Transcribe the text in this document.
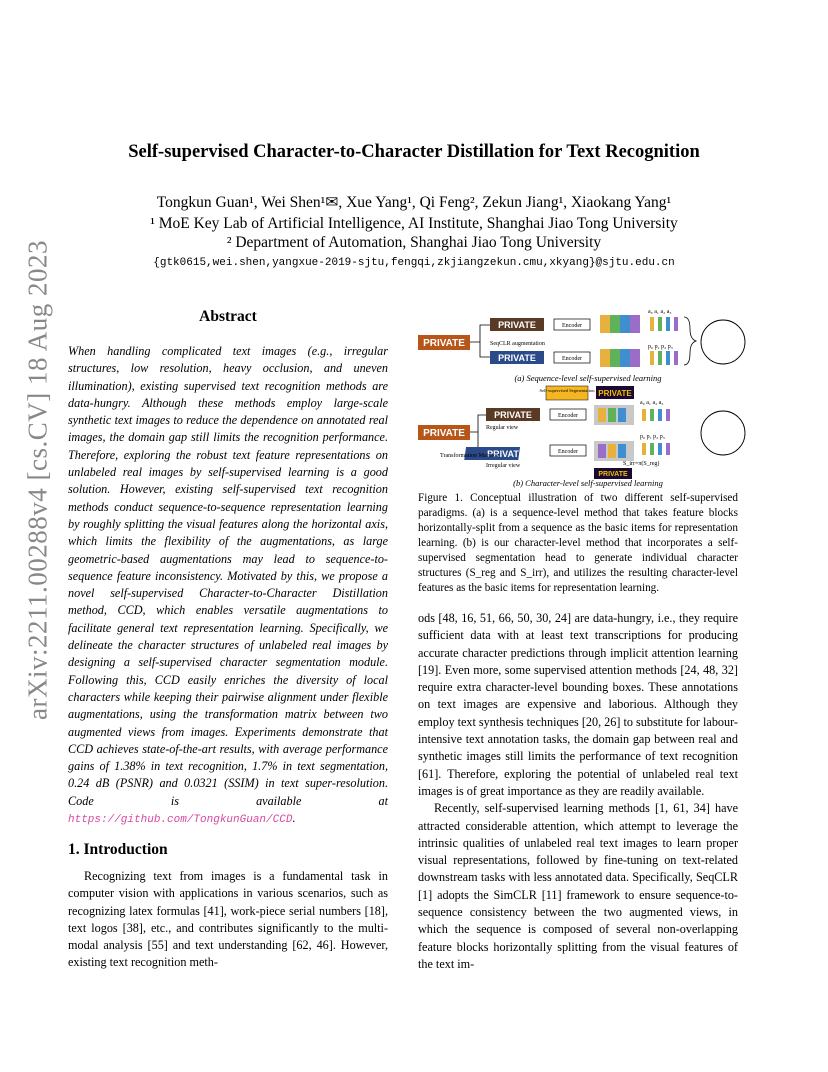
arXiv:2211.00288v4 [cs.CV] 18 Aug 2023
Self-supervised Character-to-Character Distillation for Text Recognition
Tongkun Guan¹, Wei Shen¹✉, Xue Yang¹, Qi Feng², Zekun Jiang¹, Xiaokang Yang¹
¹ MoE Key Lab of Artificial Intelligence, AI Institute, Shanghai Jiao Tong University
² Department of Automation, Shanghai Jiao Tong University
{gtk0615,wei.shen,yangxue-2019-sjtu,fengqi,zkjiangzekun.cmu,xkyang}@sjtu.edu.cn
Abstract
When handling complicated text images (e.g., irregular structures, low resolution, heavy occlusion, and uneven illumination), existing supervised text recognition methods are data-hungry. Although these methods employ large-scale synthetic text images to reduce the dependence on annotated real images, the domain gap still limits the recognition performance. Therefore, exploring the robust text feature representations on unlabeled real images by self-supervised learning is a good solution. However, existing self-supervised text recognition methods conduct sequence-to-sequence representation learning by roughly splitting the visual features along the horizontal axis, which limits the flexibility of the augmentations, as large geometric-based augmentations may lead to sequence-to-sequence feature inconsistency. Motivated by this, we propose a novel self-supervised Character-to-Character Distillation method, CCD, which enables versatile augmentations to facilitate general text representation learning. Specifically, we delineate the character structures of unlabeled real images by designing a self-supervised character segmentation module. Following this, CCD easily enriches the diversity of local characters while keeping their pairwise alignment under flexible augmentations, using the transformation matrix between two augmented views from images. Experiments demonstrate that CCD achieves state-of-the-art results, with average performance gains of 1.38% in text recognition, 1.7% in text segmentation, 0.24 dB (PSNR) and 0.0321 (SSIM) in text super-resolution. Code is available at https://github.com/TongkunGuan/CCD.
1. Introduction
Recognizing text from images is a fundamental task in computer vision with applications in various scenarios, such as recognizing latex formulas [41], work-piece serial numbers [18], text logos [38], etc., and contributes significantly to the multi-modal analysis [55] and text understanding [62, 46]. However, existing text recognition meth-
PRIVATE
PRIVATE
PRIVATE
SeqCLR augmentation
Encoder
Encoder
a₀ a₁ a₂ a₃
p₀ p₁ p₂ p₃
(a) Sequence-level self-supervised learning
PRIVATE
Self-supervised Segmentation PRIVATE
PRIVATE
Regular view
PRIVATE
Irregular view
Transformation Matrix π
Encoder
Encoder
a₀ a₁ a₂ a₃
p₀ p₁ p₂ p₃
S_irr=π(S_reg)
PRIVATE
(b) Character-level self-supervised learning
Figure 1. Conceptual illustration of two different self-supervised paradigms. (a) is a sequence-level method that takes feature blocks horizontally-split from a sequence as the basic items for representation learning. (b) is our character-level method that incorporates a self-supervised segmentation head to generate individual character structures (S_reg and S_irr), and utilizes the resulting character-level features as the basic items for representation learning.

ods [48, 16, 51, 66, 50, 30, 24] are data-hungry, i.e., they require sufficient data with at least text transcriptions for producing accurate character predictions through implicit attention learning [19]. Even more, some supervised attention methods [24, 48, 32] require extra character-level bounding boxes. These annotations on text images are expensive and laborious. Although they employ text synthesis techniques [20, 26] to substitute for labour-intensive text annotation tasks, the domain gap between real and synthetic images still limits the performance of text recognition [61]. Therefore, exploring the potential of unlabeled real text images is of great importance as they are readily available.

Recently, self-supervised learning methods [1, 61, 34] have attracted considerable attention, which attempt to leverage the intrinsic qualities of unlabeled real text images to learn proper visual representations, followed by fine-tuning on text-related downstream tasks with less annotated data. Specifically, SeqCLR [1] adopts the SimCLR [11] framework to ensure sequence-to-sequence consistency between the two augmented views, in which the sequence is composed of several non-overlapping feature blocks horizontally splitting from the visual features of the text im-
